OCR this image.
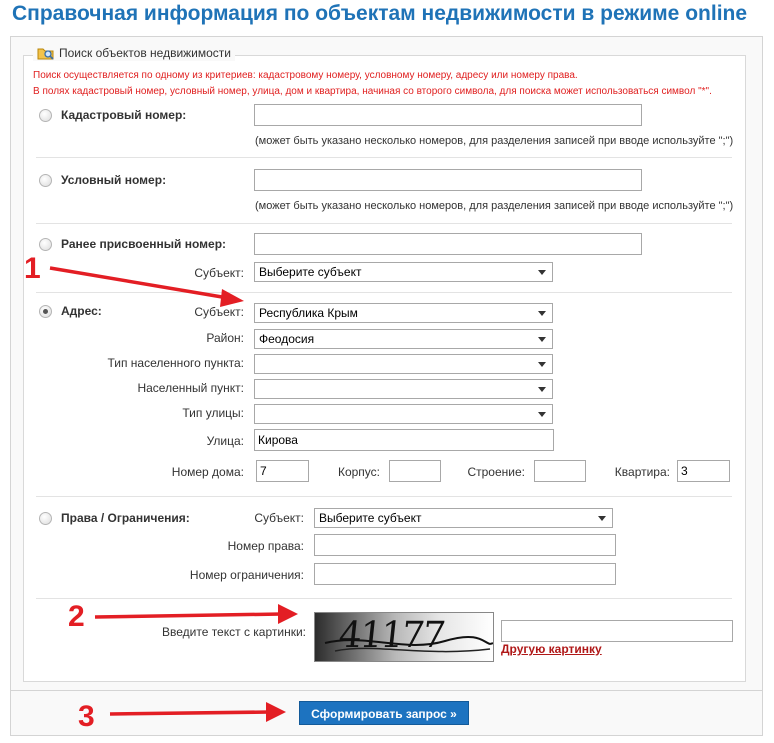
Справочная информация по объектам недвижимости в режиме online
Поиск объектов недвижимости
Поиск осуществляется по одному из критериев: кадастровому номеру, условному номеру, адресу или номеру права.
В полях кадастровый номер, условный номер, улица, дом и квартира, начиная со второго символа, для поиска может использоваться символ "*".
Кадастровый номер:
(может быть указано несколько номеров, для разделения записей при вводе используйте ";")
Условный номер:
(может быть указано несколько номеров, для разделения записей при вводе используйте ";")
Ранее присвоенный номер:
Субъект:	Выберите субъект
Адрес:	Субъект:	Республика Крым
Район:	Феодосия
Тип населенного пункта:
Населенный пункт:
Тип улицы:
Улица:	Кирова
Номер дома:	7	Корпус:	Строение:	Квартира: 3
Права / Ограничения:	Субъект:	Выберите субъект
Номер права:
Номер ограничения:
Введите текст с картинки: 41177	Другую картинку
Сформировать запрос »
1
2
3
